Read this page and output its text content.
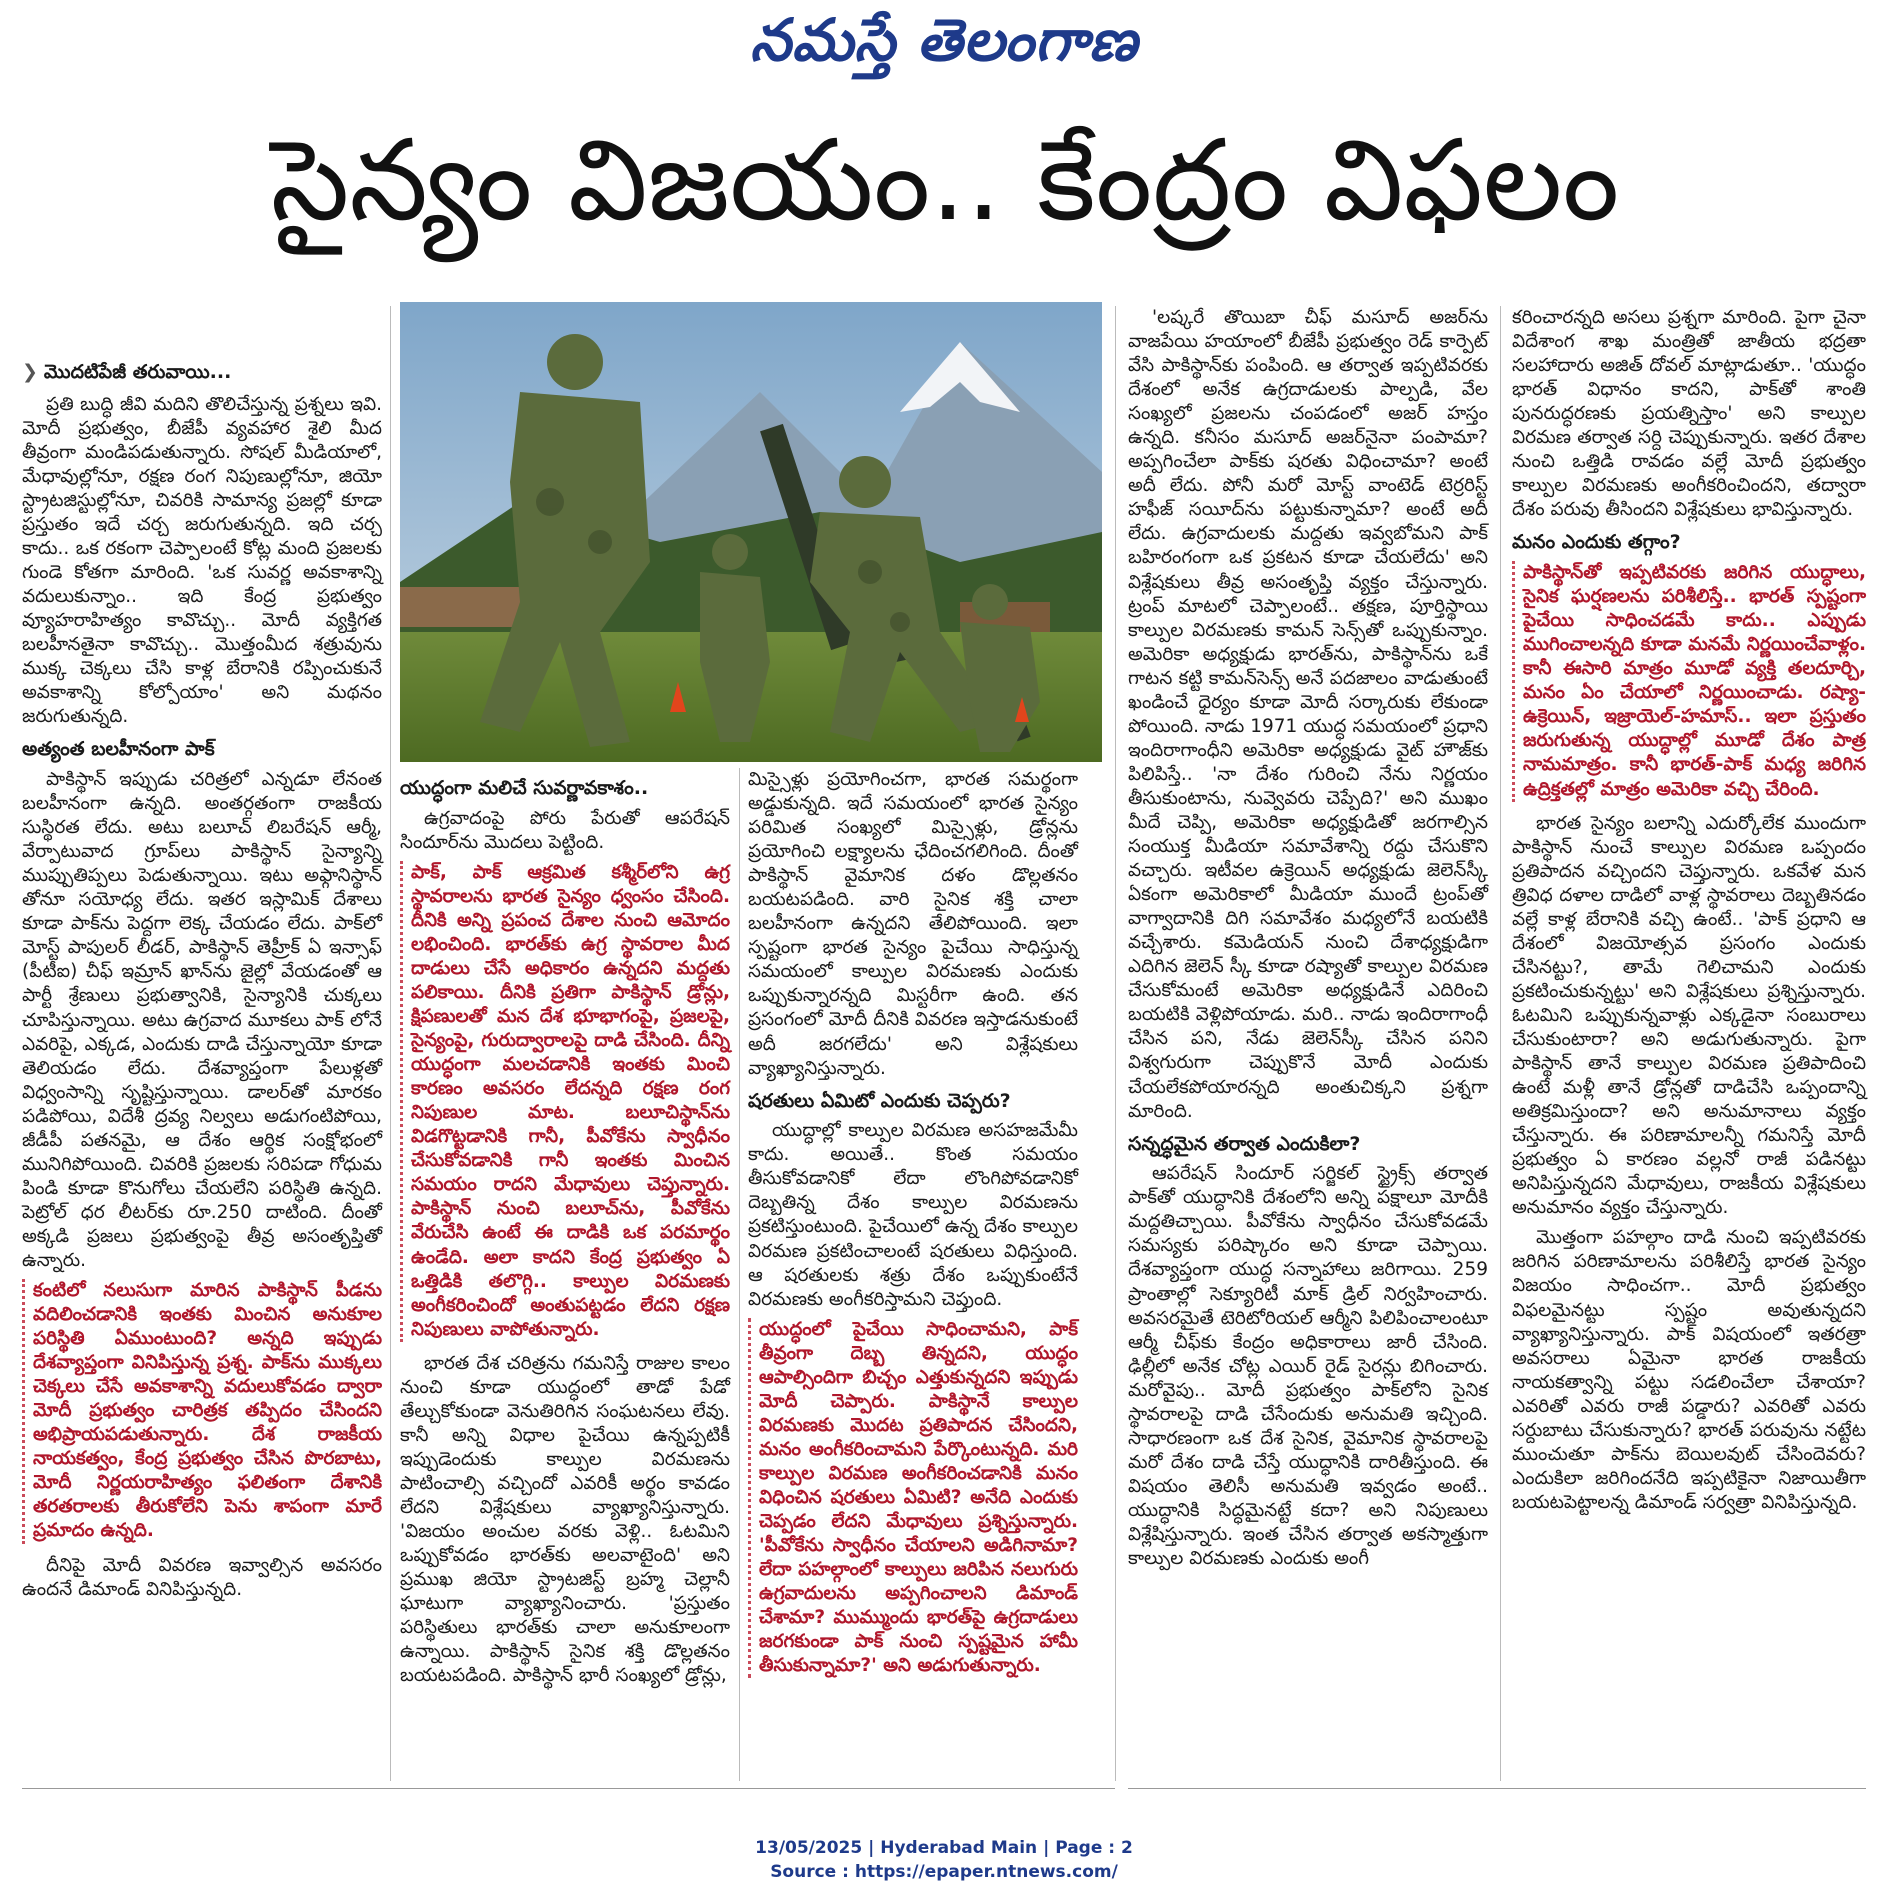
నమస్తే తెలంగాణ
సైన్యం విజయం.. కేంద్రం విఫలం
❯ మొదటిపేజీ తరువాయి...

ప్రతి బుద్ధి జీవి మదిని తొలిచేస్తున్న ప్రశ్నలు ఇవి. మోదీ ప్రభుత్వం, బీజేపీ వ్యవహార శైలి మీద తీవ్రంగా మండిపడుతున్నారు. సోషల్ మీడియాలో, మేధావుల్లోనూ, రక్షణ రంగ నిపుణుల్లోనూ, జియో స్ట్రాటజిస్టుల్లోనూ, చివరికి సామాన్య ప్రజల్లో కూడా ప్రస్తుతం ఇదే చర్చ జరుగుతున్నది. ఇది చర్చ కాదు.. ఒక రకంగా చెప్పాలంటే కోట్ల మంది ప్రజలకు గుండె కోతగా మారింది. 'ఒక సువర్ణ అవకాశాన్ని వదులుకున్నాం.. ఇది కేంద్ర ప్రభుత్వం వ్యూహరాహిత్యం కావొచ్చు.. మోదీ వ్యక్తిగత బలహీనతైనా కావొచ్చు.. మొత్తంమీద శత్రువును ముక్క చెక్కలు చేసి కాళ్ల బేరానికి రప్పించుకునే అవకాశాన్ని కోల్పోయాం' అని మథనం జరుగుతున్నది.

అత్యంత బలహీనంగా పాక్

పాకిస్థాన్ ఇప్పుడు చరిత్రలో ఎన్నడూ లేనంత బలహీనంగా ఉన్నది. అంతర్గతంగా రాజకీయ సుస్థిరత లేదు. అటు బలూచ్ లిబరేషన్ ఆర్మీ, వేర్పాటువాద గ్రూప్‌లు పాకిస్థాన్ సైన్యాన్ని ముప్పుతిప్పలు పెడుతున్నాయి. ఇటు అఫ్గానిస్థాన్ తోనూ సయోధ్య లేదు. ఇతర ఇస్లామిక్ దేశాలు కూడా పాక్‌ను పెద్దగా లెక్క చేయడం లేదు. పాక్‌లో మోస్ట్ పాపులర్ లీడర్, పాకిస్థాన్ తెహ్రీక్ ఏ ఇన్సాఫ్ (పీటీఐ) చీఫ్ ఇమ్రాన్ ఖాన్‌ను జైల్లో వేయడంతో ఆ పార్టీ శ్రేణులు ప్రభుత్వానికి, సైన్యానికి చుక్కలు చూపిస్తున్నాయి. అటు ఉగ్రవాద మూకలు పాక్ లోనే ఎవరిపై, ఎక్కడ, ఎందుకు దాడి చేస్తున్నాయో కూడా తెలియడం లేదు. దేశవ్యాప్తంగా పేలుళ్లతో విధ్వంసాన్ని సృష్టిస్తున్నాయి. డాలర్‌తో మారకం పడిపోయి, విదేశీ ద్రవ్య నిల్వలు అడుగంటిపోయి, జీడీపీ పతనమై, ఆ దేశం ఆర్థిక సంక్షోభంలో మునిగిపోయింది. చివరికి ప్రజలకు సరిపడా గోధుమ పిండి కూడా కొనుగోలు చేయలేని పరిస్థితి ఉన్నది. పెట్రోల్ ధర లీటర్‌కు రూ.250 దాటింది. దీంతో అక్కడి ప్రజలు ప్రభుత్వంపై తీవ్ర అసంతృప్తితో ఉన్నారు.

కంటిలో నలుసుగా మారిన పాకిస్థాన్ పీడను వదిలించడానికి ఇంతకు మించిన అనుకూల పరిస్థితి ఏముంటుంది? అన్నది ఇప్పుడు దేశవ్యాప్తంగా వినిపిస్తున్న ప్రశ్న. పాక్‌ను ముక్కలు చెక్కలు చేసే అవకాశాన్ని వదులుకోవడం ద్వారా మోదీ ప్రభుత్వం చారిత్రక తప్పిదం చేసిందని అభిప్రాయపడుతున్నారు. దేశ రాజకీయ నాయకత్వం, కేంద్ర ప్రభుత్వం చేసిన పొరబాటు, మోదీ నిర్ణయరాహిత్యం ఫలితంగా దేశానికి తరతరాలకు తీరుకోలేని పెను శాపంగా మారే ప్రమాదం ఉన్నది.

దీనిపై మోదీ వివరణ ఇవ్వాల్సిన అవసరం ఉందనే డిమాండ్ వినిపిస్తున్నది.

యుద్ధంగా మలిచే సువర్ణావకాశం..

ఉగ్రవాదంపై పోరు పేరుతో ఆపరేషన్ సిందూర్‌ను మొదలు పెట్టింది.

పాక్, పాక్ ఆక్రమిత కశ్మీర్‌లోని ఉగ్ర స్థావరాలను భారత సైన్యం ధ్వంసం చేసింది. దీనికి అన్ని ప్రపంచ దేశాల నుంచి ఆమోదం లభించింది. భారత్‌కు ఉగ్ర స్థావరాల మీద దాడులు చేసే అధికారం ఉన్నదని మద్దతు పలికాయి. దీనికి ప్రతిగా పాకిస్థాన్ డ్రోన్లు, క్షిపణులతో మన దేశ భూభాగంపై, ప్రజలపై, సైన్యంపై, గురుద్వారాలపై దాడి చేసింది. దీన్ని యుద్ధంగా మలచడానికి ఇంతకు మించి కారణం అవసరం లేదన్నది రక్షణ రంగ నిపుణుల మాట. బలూచిస్థాన్‌ను విడగొట్టడానికి గానీ, పీవోకేను స్వాధీనం చేసుకోవడానికి గానీ ఇంతకు మించిన సమయం రాదని మేధావులు చెప్తున్నారు. పాకిస్థాన్ నుంచి బలూచ్‌ను, పీవోకేను వేరుచేసి ఉంటే ఈ దాడికి ఒక పరమార్థం ఉండేది. అలా కాదని కేంద్ర ప్రభుత్వం ఏ ఒత్తిడికి తలొగ్గి.. కాల్పుల విరమణకు అంగీకరించిందో అంతుపట్టడం లేదని రక్షణ నిపుణులు వాపోతున్నారు.

భారత దేశ చరిత్రను గమనిస్తే రాజుల కాలం నుంచి కూడా యుద్ధంలో తాడో పేడో తేల్చుకోకుండా వెనుతిరిగిన సంఘటనలు లేవు. కానీ అన్ని విధాల పైచేయి ఉన్నప్పటికీ ఇప్పుడెందుకు కాల్పుల విరమణను పాటించాల్సి వచ్చిందో ఎవరికీ అర్థం కావడం లేదని విశ్లేషకులు వ్యాఖ్యానిస్తున్నారు. 'విజయం అంచుల వరకు వెళ్లి.. ఓటమిని ఒప్పుకోవడం భారత్‌కు అలవాటైంది' అని ప్రముఖ జియో స్ట్రాటజిస్ట్ బ్రహ్మ చెల్లానీ ఘాటుగా వ్యాఖ్యానించారు. 'ప్రస్తుతం పరిస్థితులు భారత్‌కు చాలా అనుకూలంగా ఉన్నాయి. పాకిస్థాన్ సైనిక శక్తి డొల్లతనం బయటపడింది. పాకిస్థాన్ భారీ సంఖ్యలో డ్రోన్లు,

మిస్సైళ్లు ప్రయోగించగా, భారత సమర్థంగా అడ్డుకున్నది. ఇదే సమయంలో భారత సైన్యం పరిమిత సంఖ్యలో మిస్సైళ్లు, డ్రోన్లను ప్రయోగించి లక్ష్యాలను ఛేదించగలిగింది. దీంతో పాకిస్థాన్ వైమానిక దళం డొల్లతనం బయటపడింది. వారి సైనిక శక్తి చాలా బలహీనంగా ఉన్నదని తేలిపోయింది. ఇలా స్పష్టంగా భారత సైన్యం పైచేయి సాధిస్తున్న సమయంలో కాల్పుల విరమణకు ఎందుకు ఒప్పుకున్నారన్నది మిస్టరీగా ఉంది. తన ప్రసంగంలో మోదీ దీనికి వివరణ ఇస్తాడనుకుంటే అదీ జరగలేదు' అని విశ్లేషకులు వ్యాఖ్యానిస్తున్నారు.

షరతులు ఏమిటో ఎందుకు చెప్పరు?

యుద్ధాల్లో కాల్పుల విరమణ అసహజమేమీ కాదు. అయితే.. కొంత సమయం తీసుకోవడానికో లేదా లొంగిపోవడానికో దెబ్బతిన్న దేశం కాల్పుల విరమణను ప్రకటిస్తుంటుంది. పైచేయిలో ఉన్న దేశం కాల్పుల విరమణ ప్రకటించాలంటే షరతులు విధిస్తుంది. ఆ షరతులకు శత్రు దేశం ఒప్పుకుంటేనే విరమణకు అంగీకరిస్తామని చెప్తుంది.

యుద్ధంలో పైచేయి సాధించామని, పాక్ తీవ్రంగా దెబ్బ తిన్నదని, యుద్ధం ఆపాల్సిందిగా బిచ్చం ఎత్తుకున్నదని ఇప్పుడు మోదీ చెప్పారు. పాకిస్థానే కాల్పుల విరమణకు మొదట ప్రతిపాదన చేసిందని, మనం అంగీకరించామని పేర్కొంటున్నది. మరి కాల్పుల విరమణ అంగీకరించడానికి మనం విధించిన షరతులు ఏమిటి? అనేది ఎందుకు చెప్పడం లేదని మేధావులు ప్రశ్నిస్తున్నారు. 'పీవోకేను స్వాధీనం చేయాలని అడిగినామా? లేదా పహల్గాంలో కాల్పులు జరిపిన నలుగురు ఉగ్రవాదులను అప్పగించాలని డిమాండ్ చేశామా? ముమ్ముందు భారత్‌పై ఉగ్రదాడులు జరగకుండా పాక్ నుంచి స్పష్టమైన హామీ తీసుకున్నామా?' అని అడుగుతున్నారు.

'లష్కరే తొయిబా చీఫ్ మసూద్ అజర్‌ను వాజపేయి హయాంలో బీజేపీ ప్రభుత్వం రెడ్ కార్పెట్ వేసి పాకిస్థాన్‌కు పంపింది. ఆ తర్వాత ఇప్పటివరకు దేశంలో అనేక ఉగ్రదాడులకు పాల్పడి, వేల సంఖ్యలో ప్రజలను చంపడంలో అజర్ హస్తం ఉన్నది. కనీసం మసూద్ అజర్‌నైనా పంపామా? అప్పగించేలా పాక్‌కు షరతు విధించామా? అంటే అదీ లేదు. పోనీ మరో మోస్ట్ వాంటెడ్ టెర్రరిస్ట్ హఫీజ్ సయీద్‌ను పట్టుకున్నామా? అంటే అదీ లేదు. ఉగ్రవాదులకు మద్దతు ఇవ్వబోమని పాక్ బహిరంగంగా ఒక ప్రకటన కూడా చేయలేదు' అని విశ్లేషకులు తీవ్ర అసంతృప్తి వ్యక్తం చేస్తున్నారు. ట్రంప్ మాటలో చెప్పాలంటే.. తక్షణ, పూర్తిస్థాయి కాల్పుల విరమణకు కామన్ సెన్స్‌తో ఒప్పుకున్నాం. అమెరికా అధ్యక్షుడు భారత్‌ను, పాకిస్థాన్‌ను ఒకే గాటన కట్టి కామన్‌సెన్స్ అనే పదజాలం వాడుతుంటే ఖండించే ధైర్యం కూడా మోదీ సర్కారుకు లేకుండా పోయింది. నాడు 1971 యుద్ధ సమయంలో ప్రధాని ఇందిరాగాంధీని అమెరికా అధ్యక్షుడు వైట్ హౌజ్‌కు పిలిపిస్తే.. 'నా దేశం గురించి నేను నిర్ణయం తీసుకుంటాను, నువ్వెవరు చెప్పేది?' అని ముఖం మీదే చెప్పి, అమెరికా అధ్యక్షుడితో జరగాల్సిన సంయుక్త మీడియా సమావేశాన్ని రద్దు చేసుకొని వచ్చారు. ఇటీవల ఉక్రెయిన్ అధ్యక్షుడు జెలెన్‌స్కీ ఏకంగా అమెరికాలో మీడియా ముందే ట్రంప్‌తో వాగ్వాదానికి దిగి సమావేశం మధ్యలోనే బయటికి వచ్చేశారు. కమెడియన్ నుంచి దేశాధ్యక్షుడిగా ఎదిగిన జెలెన్ స్కీ కూడా రష్యాతో కాల్పుల విరమణ చేసుకోమంటే అమెరికా అధ్యక్షుడినే ఎదిరించి బయటికి వెళ్లిపోయాడు. మరి.. నాడు ఇందిరాగాంధీ చేసిన పని, నేడు జెలెన్‌స్కీ చేసిన పనిని విశ్వగురుగా చెప్పుకొనే మోదీ ఎందుకు చేయలేకపోయారన్నది అంతుచిక్కని ప్రశ్నగా మారింది.

సన్నద్ధమైన తర్వాత ఎందుకిలా?

ఆపరేషన్ సిందూర్ సర్జికల్ స్ట్రైక్స్ తర్వాత పాక్‌తో యుద్ధానికి దేశంలోని అన్ని పక్షాలూ మోదీకి మద్దతిచ్చాయి. పీవోకేను స్వాధీనం చేసుకోవడమే సమస్యకు పరిష్కారం అని కూడా చెప్పాయి. దేశవ్యాప్తంగా యుద్ధ సన్నాహాలు జరిగాయి. 259 ప్రాంతాల్లో సెక్యూరిటీ మాక్ డ్రిల్ నిర్వహించారు. అవసరమైతే టెరిటోరియల్ ఆర్మీని పిలిపించాలంటూ ఆర్మీ చీఫ్‌కు కేంద్రం అధికారాలు జారీ చేసింది. ఢిల్లీలో అనేక చోట్ల ఎయిర్ రైడ్ సైరన్లు బిగించారు. మరోవైపు.. మోదీ ప్రభుత్వం పాక్‌లోని సైనిక స్థావరాలపై దాడి చేసేందుకు అనుమతి ఇచ్చింది. సాధారణంగా ఒక దేశ సైనిక, వైమానిక స్థావరాలపై మరో దేశం దాడి చేస్తే యుద్ధానికి దారితీస్తుంది. ఈ విషయం తెలిసీ అనుమతి ఇవ్వడం అంటే.. యుద్ధానికి సిద్ధమైనట్టే కదా? అని నిపుణులు విశ్లేషిస్తున్నారు. ఇంత చేసిన తర్వాత అకస్మాత్తుగా కాల్పుల విరమణకు ఎందుకు అంగీ

కరించారన్నది అసలు ప్రశ్నగా మారింది. పైగా చైనా విదేశాంగ శాఖ మంత్రితో జాతీయ భద్రతా సలహాదారు అజిత్ దోవల్ మాట్లాడుతూ.. 'యుద్ధం భారత్ విధానం కాదని, పాక్‌తో శాంతి పునరుద్ధరణకు ప్రయత్నిస్తాం' అని కాల్పుల విరమణ తర్వాత సర్ది చెప్పుకున్నారు. ఇతర దేశాల నుంచి ఒత్తిడి రావడం వల్లే మోదీ ప్రభుత్వం కాల్పుల విరమణకు అంగీకరించిందని, తద్వారా దేశం పరువు తీసిందని విశ్లేషకులు భావిస్తున్నారు.

మనం ఎందుకు తగ్గాం?
పాకిస్థాన్‌తో ఇప్పటివరకు జరిగిన యుద్ధాలు, సైనిక ఘర్షణలను పరిశీలిస్తే.. భారత్ స్పష్టంగా పైచేయి సాధించడమే కాదు.. ఎప్పుడు ముగించాలన్నది కూడా మనమే నిర్ణయించేవాళ్లం. కానీ ఈసారి మాత్రం మూడో వ్యక్తి తలదూర్చి, మనం ఏం చేయాలో నిర్ణయించాడు. రష్యా-ఉక్రెయిన్, ఇజ్రాయెల్-హమాస్.. ఇలా ప్రస్తుతం జరుగుతున్న యుద్ధాల్లో మూడో దేశం పాత్ర నామమాత్రం. కానీ భారత్-పాక్ మధ్య జరిగిన ఉద్రిక్తతల్లో మాత్రం అమెరికా వచ్చి చేరింది.

భారత సైన్యం బలాన్ని ఎదుర్కోలేక ముందుగా పాకిస్థాన్ నుంచే కాల్పుల విరమణ ఒప్పందం ప్రతిపాదన వచ్చిందని చెప్తున్నారు. ఒకవేళ మన త్రివిధ దళాల దాడిలో వాళ్ల స్థావరాలు దెబ్బతినడం వల్లే కాళ్ల బేరానికి వచ్చి ఉంటే.. 'పాక్ ప్రధాని ఆ దేశంలో విజయోత్సవ ప్రసంగం ఎందుకు చేసినట్టు?, తామే గెలిచామని ఎందుకు ప్రకటించుకున్నట్టు' అని విశ్లేషకులు ప్రశ్నిస్తున్నారు. ఓటమిని ఒప్పుకున్నవాళ్లు ఎక్కడైనా సంబురాలు చేసుకుంటారా? అని అడుగుతున్నారు. పైగా పాకిస్థాన్ తానే కాల్పుల విరమణ ప్రతిపాదించి ఉంటే మళ్లీ తానే డ్రోన్లతో దాడిచేసి ఒప్పందాన్ని అతిక్రమిస్తుందా? అని అనుమానాలు వ్యక్తం చేస్తున్నారు. ఈ పరిణామాలన్నీ గమనిస్తే మోదీ ప్రభుత్వం ఏ కారణం వల్లనో రాజీ పడినట్టు అనిపిస్తున్నదని మేధావులు, రాజకీయ విశ్లేషకులు అనుమానం వ్యక్తం చేస్తున్నారు.

మొత్తంగా పహల్గాం దాడి నుంచి ఇప్పటివరకు జరిగిన పరిణామాలను పరిశీలిస్తే భారత సైన్యం విజయం సాధించగా.. మోదీ ప్రభుత్వం విఫలమైనట్టు స్పష్టం అవుతున్నదని వ్యాఖ్యానిస్తున్నారు. పాక్ విషయంలో ఇతరత్రా అవసరాలు ఏమైనా భారత రాజకీయ నాయకత్వాన్ని పట్టు సడలించేలా చేశాయా? ఎవరితో ఎవరు రాజీ పడ్డారు? ఎవరితో ఎవరు సర్దుబాటు చేసుకున్నారు? భారత్ పరువును నట్టేట ముంచుతూ పాక్‌ను బెయిలవుట్ చేసిందెవరు? ఎందుకిలా జరిగిందనేది ఇప్పటికైనా నిజాయితీగా బయటపెట్టాలన్న డిమాండ్ సర్వత్రా వినిపిస్తున్నది.

13/05/2025 | Hyderabad Main | Page : 2
Source : https://epaper.ntnews.com/
